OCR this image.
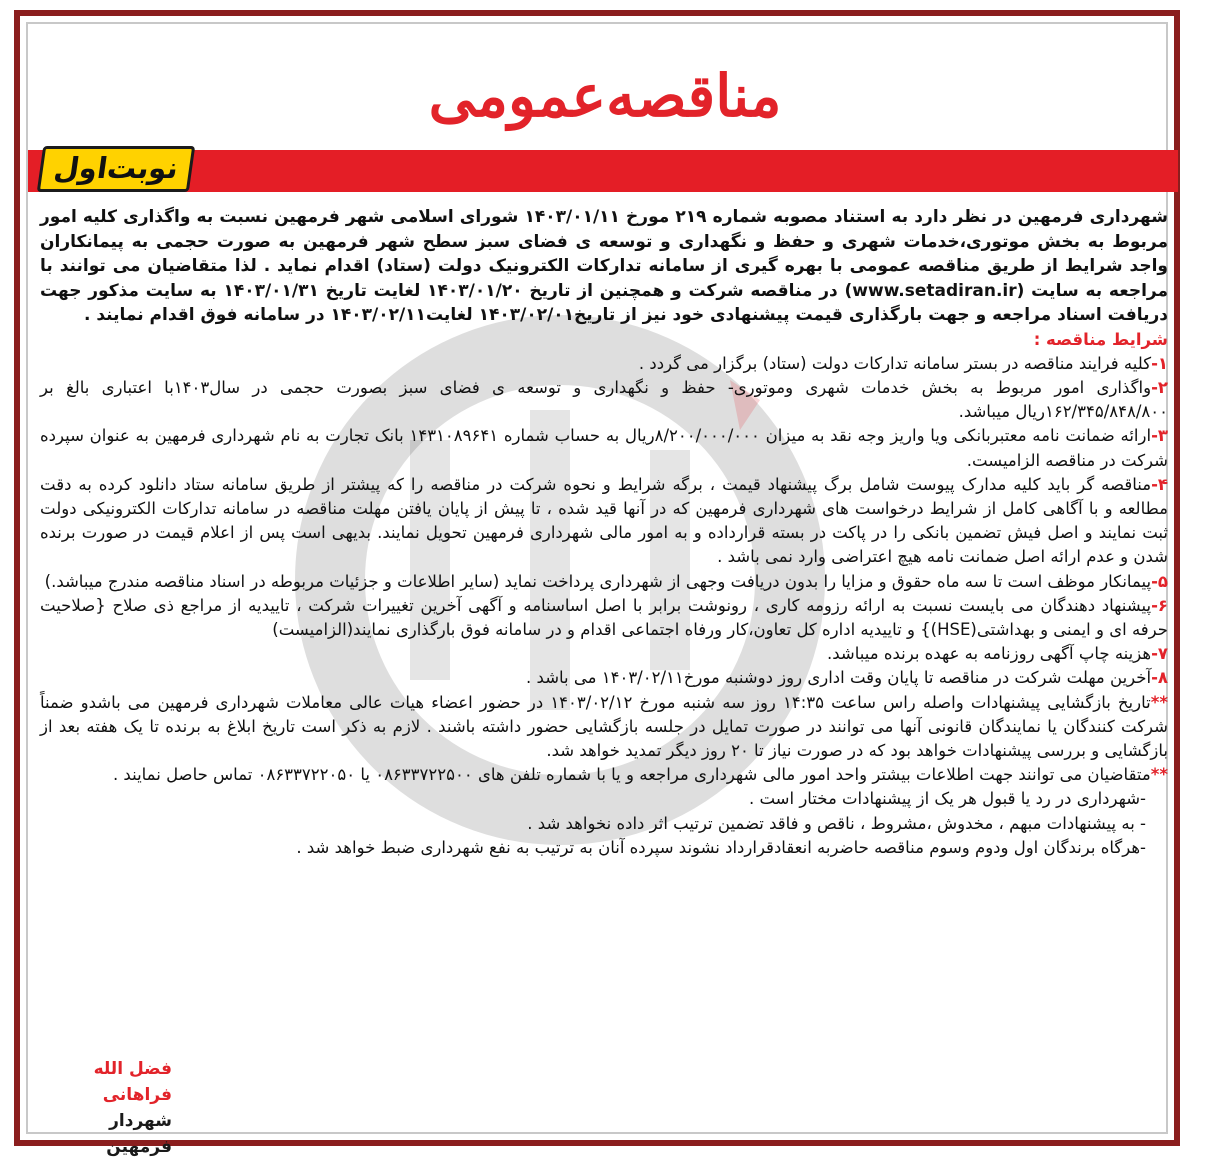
مناقصه‌عمومی
نوبت‌اول
شهرداری فرمهین در نظر دارد به استناد مصوبه شماره ۲۱۹ مورخ ۱۴۰۳/۰۱/۱۱ شورای اسلامی شهر فرمهین نسبت به واگذاری کلیه امور مربوط به بخش موتوری،خدمات شهری و حفظ و نگهداری و توسعه ی فضای سبز سطح شهر فرمهین به صورت حجمی به پیمانکاران واجد شرایط از طریق مناقصه عمومی با بهره گیری از سامانه تدارکات الکترونیک دولت (ستاد) اقدام نماید . لذا متقاضیان می توانند با مراجعه به سایت (www.setadiran.ir) در مناقصه شرکت و همچنین از تاریخ ۱۴۰۳/۰۱/۲۰ لغایت تاریخ ۱۴۰۳/۰۱/۳۱ به سایت مذکور جهت دریافت اسناد مراجعه و جهت بارگذاری قیمت پیشنهادی خود نیز از تاریخ۱۴۰۳/۰۲/۰۱ لغایت۱۴۰۳/۰۲/۱۱ در سامانه فوق اقدام نمایند .
شرایط مناقصه :
۱-کلیه فرایند مناقصه در بستر سامانه تدارکات دولت (ستاد) برگزار می گردد .
۲-واگذاری امور مربوط به بخش خدمات شهری وموتوری- حفظ و نگهداری و توسعه ی فضای سبز بصورت حجمی در سال۱۴۰۳با اعتباری بالغ بر ۱۶۲/۳۴۵/۸۴۸/۸۰۰ریال میباشد.
۳-ارائه ضمانت نامه معتبربانکی ویا واریز وجه نقد به میزان ۸/۲۰۰/۰۰۰/۰۰۰ریال به حساب شماره ۱۴۳۱۰۸۹۶۴۱ بانک تجارت به نام شهرداری فرمهین به عنوان سپرده شرکت در مناقصه الزامیست.
۴-مناقصه گر باید کلیه مدارک پیوست شامل برگ پیشنهاد قیمت ، برگه شرایط و نحوه شرکت در مناقصه را که پیشتر از طریق سامانه ستاد دانلود کرده به دقت مطالعه و با آگاهی کامل از شرایط درخواست های شهرداری فرمهین که در آنها قید شده ، تا پیش از پایان یافتن مهلت مناقصه در سامانه تدارکات الکترونیکی دولت ثبت نمایند و اصل فیش تضمین بانکی را در پاکت در بسته قرارداده و به امور مالی شهرداری فرمهین تحویل نمایند. بدیهی است پس از اعلام قیمت در صورت برنده شدن و عدم ارائه اصل ضمانت نامه هیچ اعتراضی وارد نمی باشد .
۵-پیمانکار موظف است تا سه ماه حقوق و مزایا را بدون دریافت وجهی از شهرداری پرداخت نماید (سایر اطلاعات و جزئیات مربوطه در اسناد مناقصه مندرج میباشد.)
۶-پیشنهاد دهندگان می بایست نسبت به ارائه رزومه کاری ، رونوشت برابر با اصل اساسنامه و آگهی آخرین تغییرات شرکت ، تاییدیه از مراجع ذی صلاح {صلاحیت حرفه ای و ایمنی و بهداشتی(HSE)} و تاییدیه اداره کل تعاون،کار ورفاه اجتماعی اقدام و در سامانه فوق بارگذاری نمایند(الزامیست)
۷-هزینه چاپ آگهی روزنامه به عهده برنده میباشد.
۸-آخرین مهلت شرکت در مناقصه تا پایان وقت اداری روز دوشنبه مورخ۱۴۰۳/۰۲/۱۱ می باشد .
**تاریخ بازگشایی پیشنهادات واصله راس ساعت ۱۴:۳۵ روز سه شنبه مورخ ۱۴۰۳/۰۲/۱۲ در حضور اعضاء هیات عالی معاملات شهرداری فرمهین می باشدو ضمناً شرکت کنندگان یا نمایندگان قانونی آنها می توانند در صورت تمایل در جلسه بازگشایی حضور داشته باشند . لازم به ذکر است تاریخ ابلاغ به برنده تا یک هفته بعد از بازگشایی و بررسی پیشنهادات خواهد بود که در صورت نیاز تا ۲۰ روز دیگر تمدید خواهد شد.
**متقاضیان می توانند جهت اطلاعات بیشتر واحد امور مالی شهرداری مراجعه و یا با شماره تلفن های ۰۸۶۳۳۷۲۲۵۰۰ یا ۰۸۶۳۳۷۲۲۰۵۰ تماس حاصل نمایند .
-شهرداری در رد یا قبول هر یک از پیشنهادات مختار است .
- به پیشنهادات مبهم ، مخدوش ،مشروط ، ناقص و فاقد تضمین ترتیب اثر داده نخواهد شد .
-هرگاه برندگان اول ودوم وسوم مناقصه حاضربه انعقادقرارداد نشوند سپرده آنان به ترتیب به نفع شهرداری ضبط خواهد شد .
فضل الله فراهانی
شهردار فرمهین
